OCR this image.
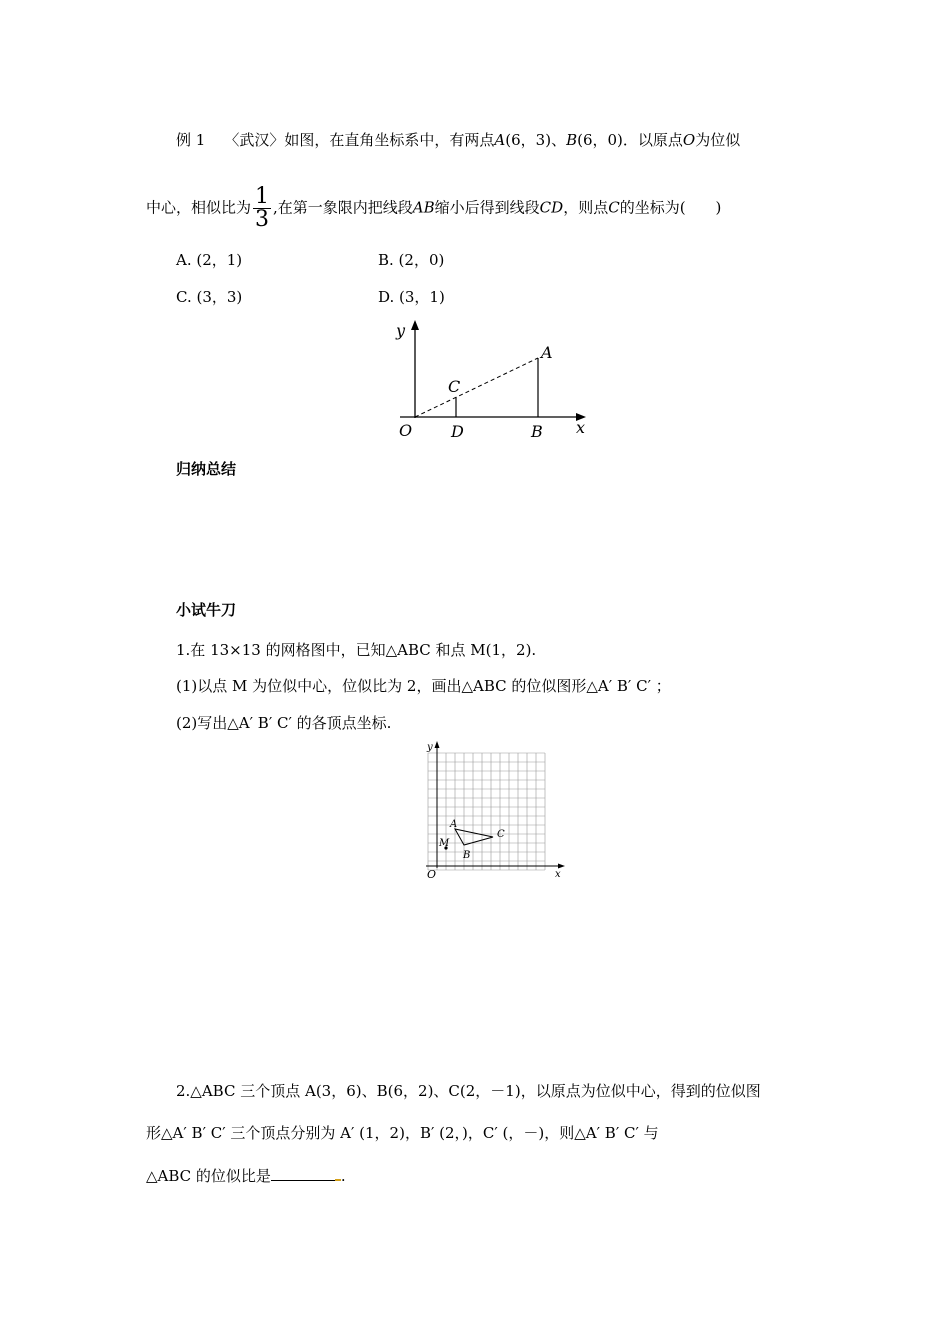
例 1 〈武汉〉如图，在直角坐标系中，有两点A(6，3)、B(6，0)．以原点O为位似
中心，相似比为 $\frac{1}{3}$ ,在第一象限内把线段AB缩小后得到线段CD，则点C的坐标为(　　)
A. (2，1)	B. (2，0)
C. (3，3)	D. (3，1)
y
x
O
A
B
C
D
归纳总结
小试牛刀
1.在 13×13 的网格图中，已知△ABC 和点 M(1，2).
(1)以点 M 为位似中心，位似比为 2，画出△ABC 的位似图形△A′ B′ C′ ；
(2)写出△A′ B′ C′ 的各顶点坐标.
y
x
O
A
B
C
M
2.△ABC 三个顶点 A(3，6)、B(6，2)、C(2，－1)，以原点为位似中心，得到的位似图
形△A′ B′ C′ 三个顶点分别为 A′ (1，2)，B′ (2，)，C′ (，－)，则△A′ B′ C′ 与
△ABC 的位似比是	.
